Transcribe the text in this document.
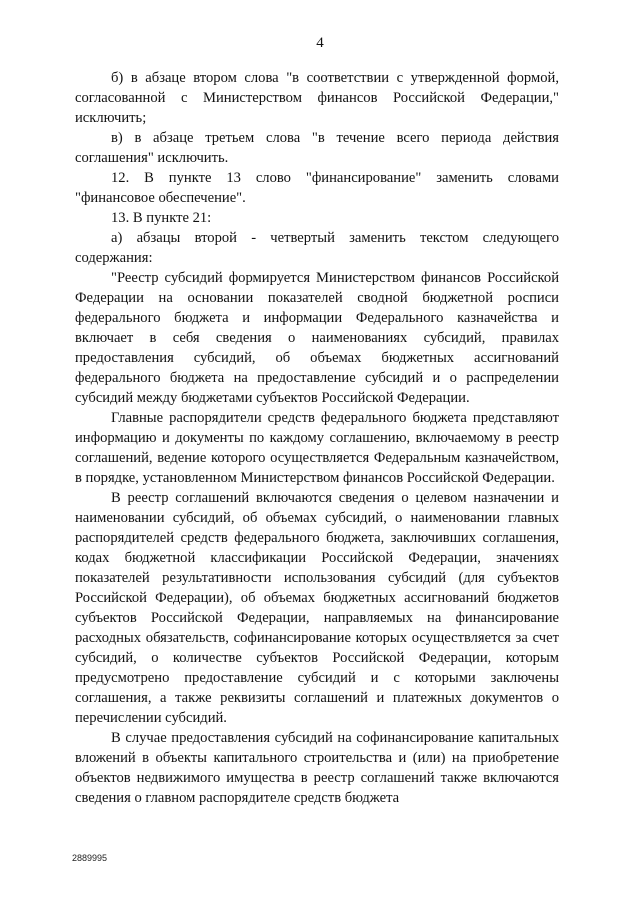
4

б) в абзаце втором слова "в соответствии с утвержденной формой, согласованной с Министерством финансов Российской Федерации," исключить;

в) в абзаце третьем слова "в течение всего периода действия соглашения" исключить.

12. В пункте 13 слово "финансирование" заменить словами "финансовое обеспечение".

13. В пункте 21:

а) абзацы второй - четвертый заменить текстом следующего содержания:

"Реестр субсидий формируется Министерством финансов Российской Федерации на основании показателей сводной бюджетной росписи федерального бюджета и информации Федерального казначейства и включает в себя сведения о наименованиях субсидий, правилах предоставления субсидий, об объемах бюджетных ассигнований федерального бюджета на предоставление субсидий и о распределении субсидий между бюджетами субъектов Российской Федерации.

Главные распорядители средств федерального бюджета представляют информацию и документы по каждому соглашению, включаемому в реестр соглашений, ведение которого осуществляется Федеральным казначейством, в порядке, установленном Министерством финансов Российской Федерации.

В реестр соглашений включаются сведения о целевом назначении и наименовании субсидий, об объемах субсидий, о наименовании главных распорядителей средств федерального бюджета, заключивших соглашения, кодах бюджетной классификации Российской Федерации, значениях показателей результативности использования субсидий (для субъектов Российской Федерации), об объемах бюджетных ассигнований бюджетов субъектов Российской Федерации, направляемых на финансирование расходных обязательств, софинансирование которых осуществляется за счет субсидий, о количестве субъектов Российской Федерации, которым предусмотрено предоставление субсидий и с которыми заключены соглашения, а также реквизиты соглашений и платежных документов о перечислении субсидий.

В случае предоставления субсидий на софинансирование капитальных вложений в объекты капитального строительства и (или) на приобретение объектов недвижимого имущества в реестр соглашений также включаются сведения о главном распорядителе средств бюджета

2889995
